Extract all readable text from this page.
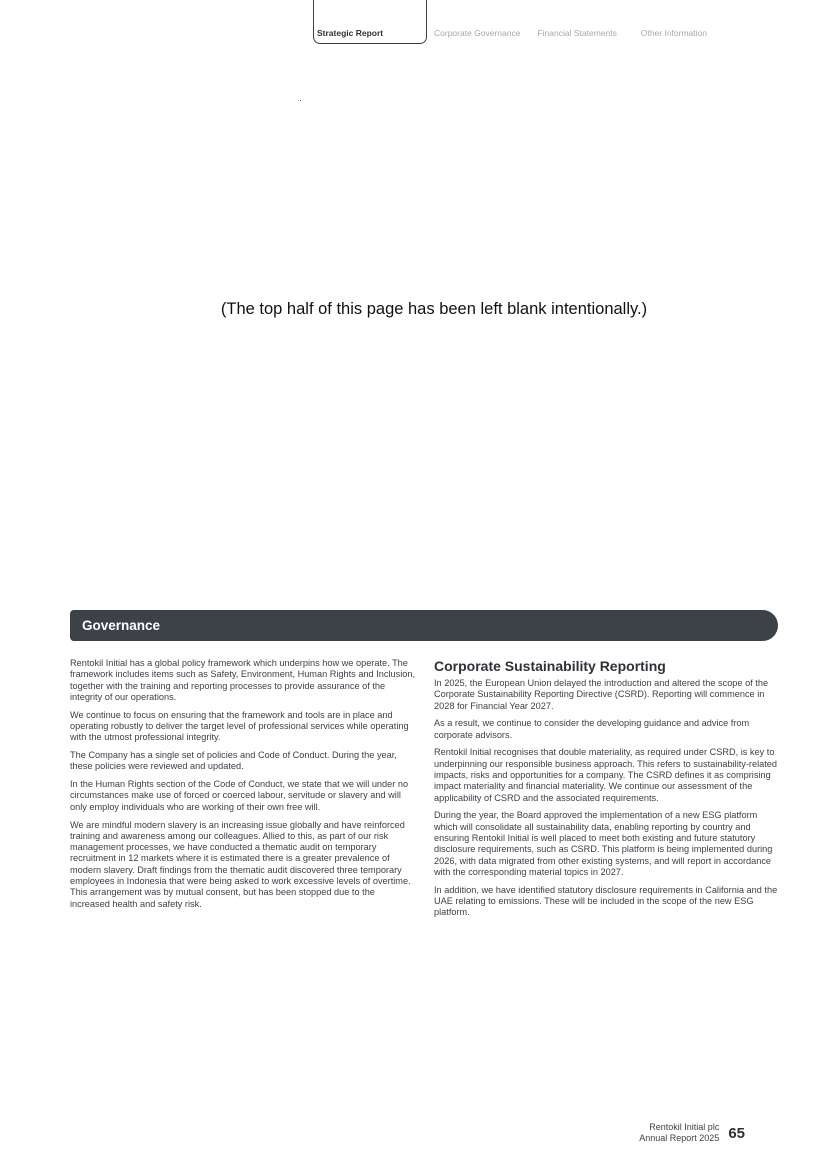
Strategic Report	Corporate Governance Financial Statements	Other Information
(The top half of this page has been left blank intentionally.)
Governance

Rentokil Initial has a global policy framework which underpins how we operate. The framework includes items such as Safety, Environment, Human Rights and Inclusion, together with the training and reporting processes to provide assurance of the integrity of our operations.

We continue to focus on ensuring that the framework and tools are in place and operating robustly to deliver the target level of professional services while operating with the utmost professional integrity.

The Company has a single set of policies and Code of Conduct. During the year, these policies were reviewed and updated.

In the Human Rights section of the Code of Conduct, we state that we will under no circumstances make use of forced or coerced labour, servitude or slavery and will only employ individuals who are working of their own free will.

We are mindful modern slavery is an increasing issue globally and have reinforced training and awareness among our colleagues. Allied to this, as part of our risk management processes, we have conducted a thematic audit on temporary recruitment in 12 markets where it is estimated there is a greater prevalence of modern slavery. Draft findings from the thematic audit discovered three temporary employees in Indonesia that were being asked to work excessive levels of overtime. This arrangement was by mutual consent, but has been stopped due to the increased health and safety risk.

Corporate Sustainability Reporting

In 2025, the European Union delayed the introduction and altered the scope of the Corporate Sustainability Reporting Directive (CSRD). Reporting will commence in 2028 for Financial Year 2027.

As a result, we continue to consider the developing guidance and advice from corporate advisors.

Rentokil Initial recognises that double materiality, as required under CSRD, is key to underpinning our responsible business approach. This refers to sustainability-related impacts, risks and opportunities for a company. The CSRD defines it as comprising impact materiality and financial materiality. We continue our assessment of the applicability of CSRD and the associated requirements.

During the year, the Board approved the implementation of a new ESG platform which will consolidate all sustainability data, enabling reporting by country and ensuring Rentokil Initial is well placed to meet both existing and future statutory disclosure requirements, such as CSRD. This platform is being implemented during 2026, with data migrated from other existing systems, and will report in accordance with the corresponding material topics in 2027.

In addition, we have identified statutory disclosure requirements in California and the UAE relating to emissions. These will be included in the scope of the new ESG platform.

Rentokil Initial plc
Annual Report 2025 65
